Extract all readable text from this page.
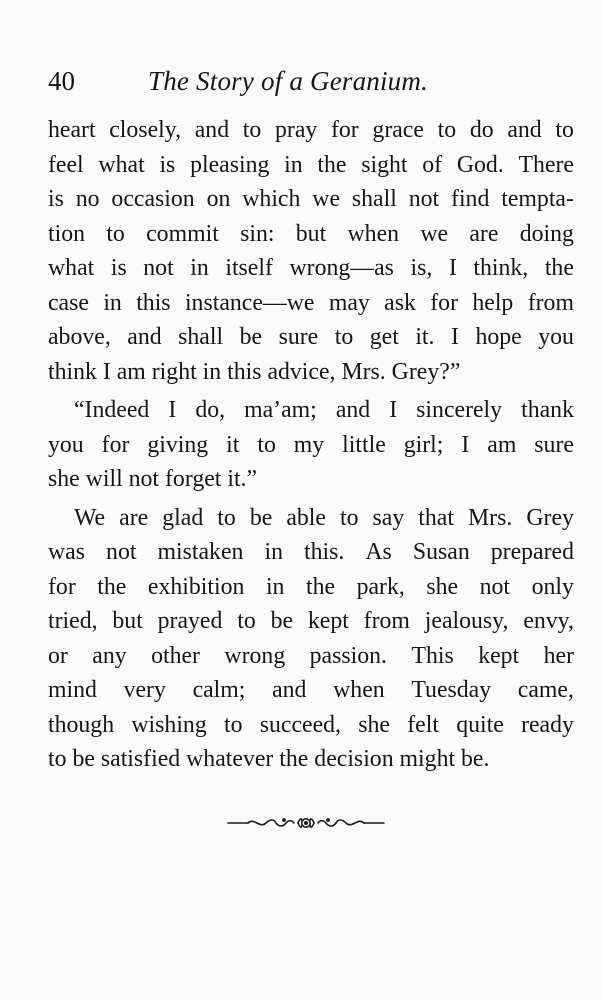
40	The Story of a Geranium.
heart closely, and to pray for grace to do and to
feel what is pleasing in the sight of God. There
is no occasion on which we shall not find tempta-
tion to commit sin: but when we are doing
what is not in itself wrong—as is, I think, the
case in this instance—we may ask for help from
above, and shall be sure to get it. I hope you
think I am right in this advice, Mrs. Grey?”
“Indeed I do, ma’am; and I sincerely thank
you for giving it to my little girl; I am sure
she will not forget it.”
We are glad to be able to say that Mrs. Grey
was not mistaken in this. As Susan prepared
for the exhibition in the park, she not only
tried, but prayed to be kept from jealousy, envy,
or any other wrong passion. This kept her
mind very calm; and when Tuesday came,
though wishing to succeed, she felt quite ready
to be satisfied whatever the decision might be.
